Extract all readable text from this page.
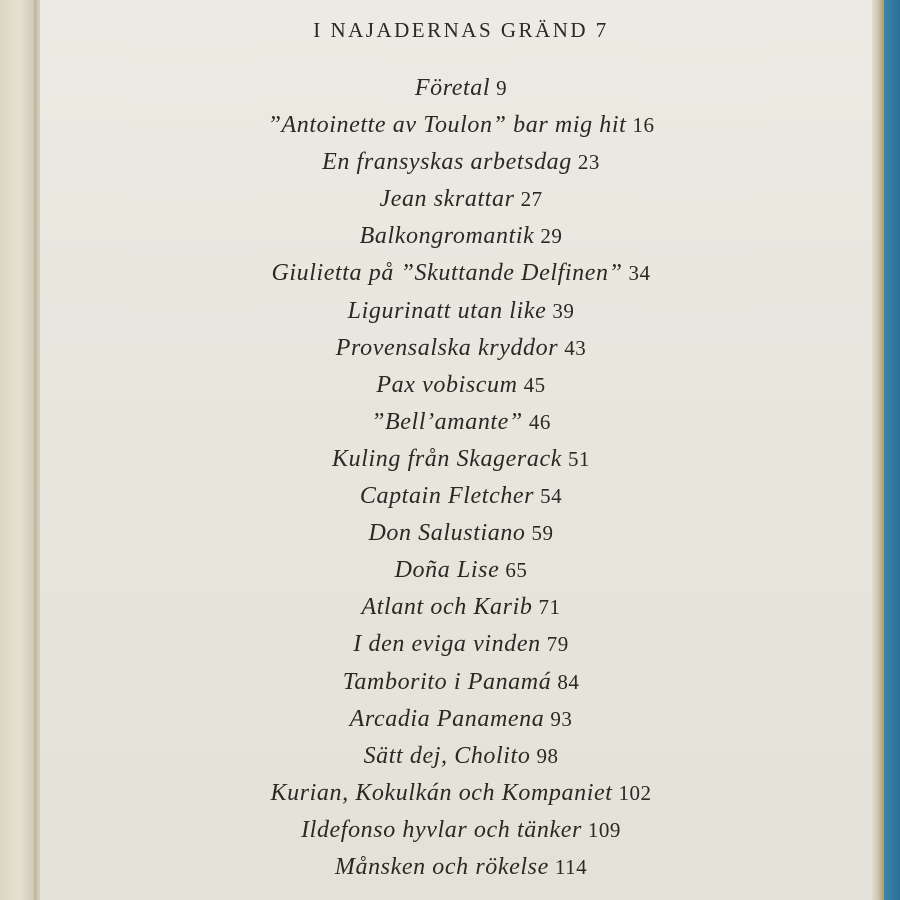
I NAJADERNAS GRÄND 7
Företal 9
”Antoinette av Toulon” bar mig hit 16
En fransyskas arbetsdag 23
Jean skrattar 27
Balkongromantik 29
Giulietta på ”Skuttande Delfinen” 34
Ligurinatt utan like 39
Provensalska kryddor 43
Pax vobiscum 45
”Bell’amante” 46
Kuling från Skagerack 51
Captain Fletcher 54
Don Salustiano 59
Doña Lise 65
Atlant och Karib 71
I den eviga vinden 79
Tamborito i Panamá 84
Arcadia Panamena 93
Sätt dej, Cholito 98
Kurian, Kokulkán och Kompaniet 102
Ildefonso hyvlar och tänker 109
Månsken och rökelse 114
